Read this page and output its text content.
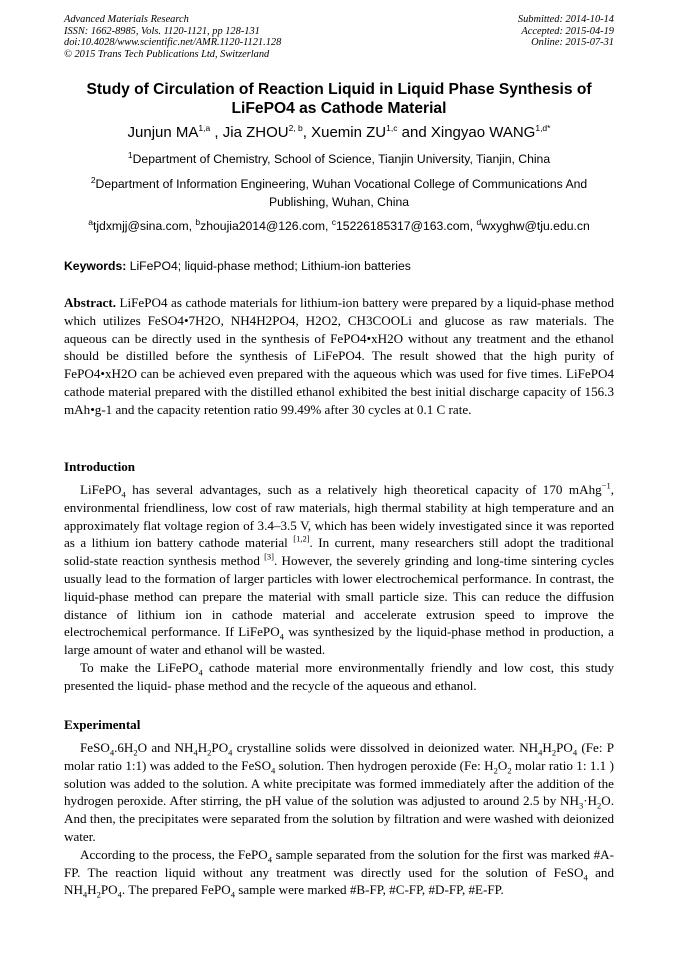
Advanced Materials Research
ISSN: 1662-8985, Vols. 1120-1121, pp 128-131
doi:10.4028/www.scientific.net/AMR.1120-1121.128
© 2015 Trans Tech Publications Ltd, Switzerland
Submitted: 2014-10-14
Accepted: 2015-04-19
Online: 2015-07-31
Study of Circulation of Reaction Liquid in Liquid Phase Synthesis of
LiFePO4 as Cathode Material
Junjun MA$^{1,a}$ , Jia ZHOU$^{2, b}$, Xuemin ZU$^{1,c}$ and Xingyao $WANG^{1,d*}$
$^1$Department of Chemistry, School of Science, Tianjin University, Tianjin, China
$^2$Department of Information Engineering, Wuhan Vocational College of Communications And
Publishing, Wuhan, China
$^a$tjdxmjj@sina.com, $^b$zhoujia2014@126.com, $^c$15226185317@163.com, $^d$wxyghw@tju.edu.cn
Keywords: LiFePO4; liquid-phase method; Lithium-ion batteries

Abstract. LiFePO4 as cathode materials for lithium-ion battery were prepared by a liquid-phase method which utilizes FeSO4•7H2O, NH4H2PO4, H2O2, CH3COOLi and glucose as raw materials. The aqueous can be directly used in the synthesis of FePO4•xH2O without any treatment and the ethanol should be distilled before the synthesis of LiFePO4. The result showed that the high purity of FePO4•xH2O can be achieved even prepared with the aqueous which was used for five times. LiFePO4 cathode material prepared with the distilled ethanol exhibited the best initial discharge capacity of 156.3 mAh•g-1 and the capacity retention ratio 99.49% after 30 cycles at 0.1 C rate.

Introduction

LiFePO$_4$ has several advantages, such as a relatively high theoretical capacity of 170 mAhg$^{-1}$, environmental friendliness, low cost of raw materials, high thermal stability at high temperature and an approximately flat voltage region of 3.4–3.5 V, which has been widely investigated since it was reported as a lithium ion battery cathode material [1,2]. In current, many researchers still adopt the traditional solid-state reaction synthesis method [3]. However, the severely grinding and long-time sintering cycles usually lead to the formation of larger particles with lower electrochemical performance. In contrast, the liquid-phase method can prepare the material with small particle size. This can reduce the diffusion distance of lithium ion in cathode material and accelerate extrusion speed to improve the electrochemical performance. If LiFePO$_4$ was synthesized by the liquid-phase method in production, a large amount of water and ethanol will be wasted.

To make the LiFePO$_4$ cathode material more environmentally friendly and low cost, this study presented the liquid- phase method and the recycle of the aqueous and ethanol.

Experimental

$FeSO_4.6H_2O$ and $NH_4H_2PO_4$ crystalline solids were dissolved in deionized water. $NH_4H_2PO_4$ (Fe: P molar ratio 1:1) was added to the FeSO$_4$ solution. Then hydrogen peroxide (Fe: $H_2O_2$ molar ratio 1: 1.1 ) solution was added to the solution. A white precipitate was formed immediately after the addition of the hydrogen peroxide. After stirring, the pH value of the solution was adjusted to around 2.5 by $NH_3\cdot H_2O$. And then, the precipitates were separated from the solution by filtration and were washed with deionized water.

According to the process, the FePO$_4$ sample separated from the solution for the first was marked #A-FP. The reaction liquid without any treatment was directly used for the solution of FeSO$_4$ and $NH_4H_2PO_4$. The prepared FePO$_4$ sample were marked #B-FP, #C-FP, #D-FP, #E-FP.
